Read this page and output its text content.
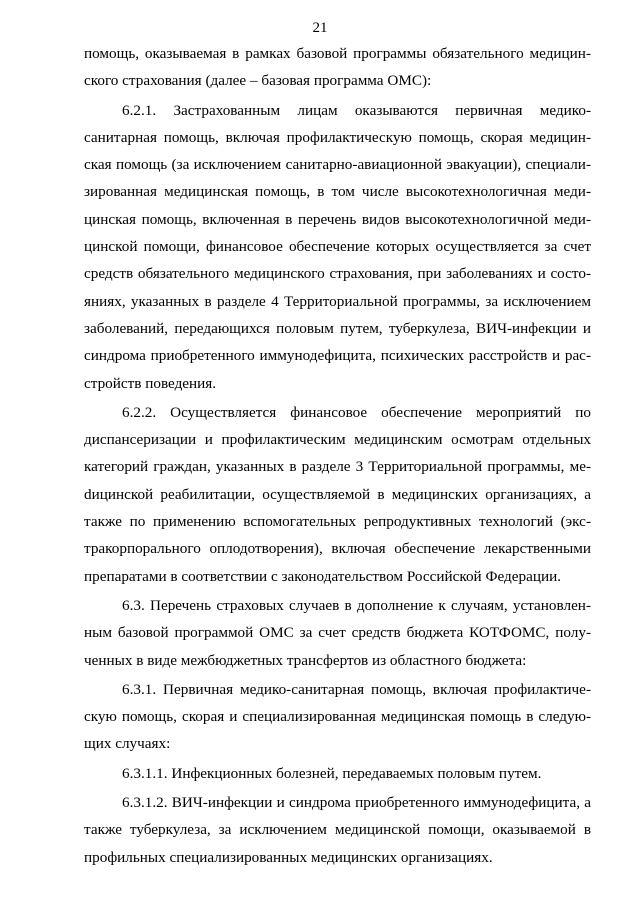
21

помощь, оказываемая в рамках базовой программы обязательного медицинского страхования (далее – базовая программа ОМС):

6.2.1. Застрахованным лицам оказываются первичная медико-санитарная помощь, включая профилактическую помощь, скорая медицинская помощь (за исключением санитарно-авиационной эвакуации), специализированная медицинская помощь, в том числе высокотехнологичная медицинская помощь, включенная в перечень видов высокотехнологичной медицинской помощи, финансовое обеспечение которых осуществляется за счет средств обязательного медицинского страхования, при заболеваниях и состояниях, указанных в разделе 4 Территориальной программы, за исключением заболеваний, передающихся половым путем, туберкулеза, ВИЧ-инфекции и синдрома приобретенного иммунодефицита, психических расстройств и расстройств поведения.

6.2.2. Осуществляется финансовое обеспечение мероприятий по диспансеризации и профилактическим медицинским осмотрам отдельных категорий граждан, указанных в разделе 3 Территориальной программы, меdицинской реабилитации, осуществляемой в медицинских организациях, а также по применению вспомогательных репродуктивных технологий (экстракорпорального оплодотворения), включая обеспечение лекарственными препаратами в соответствии с законодательством Российской Федерации.

6.3. Перечень страховых случаев в дополнение к случаям, установленным базовой программой ОМС за счет средств бюджета КОТФОМС, полученных в виде межбюджетных трансфертов из областного бюджета:

6.3.1. Первичная медико-санитарная помощь, включая профилактическую помощь, скорая и специализированная медицинская помощь в следующих случаях:

6.3.1.1. Инфекционных болезней, передаваемых половым путем.

6.3.1.2. ВИЧ-инфекции и синдрома приобретенного иммунодефицита, а также туберкулеза, за исключением медицинской помощи, оказываемой в профильных специализированных медицинских организациях.
